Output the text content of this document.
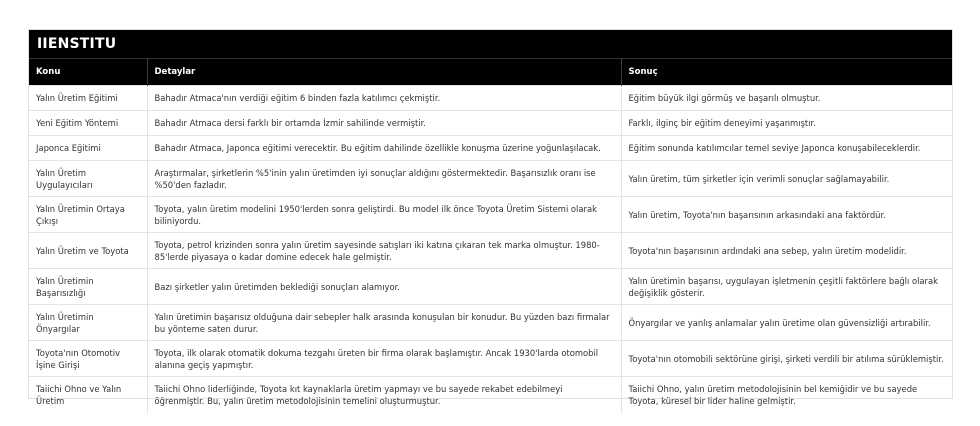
IIENSTITU
Konu	Detaylar	Sonuç
Yalın Üretim Eğitimi	Bahadır Atmaca'nın verdiği eğitim 6 binden fazla katılımcı çekmiştir.	Eğitim büyük ilgi görmüş ve başarılı olmuştur.
Yeni Eğitim Yöntemi	Bahadır Atmaca dersi farklı bir ortamda İzmir sahilinde vermiştir.	Farklı, ilginç bir eğitim deneyimi yaşanmıştır.
Japonca Eğitimi	Bahadır Atmaca, Japonca eğitimi verecektir. Bu eğitim dahilinde özellikle konuşma üzerine yoğunlaşılacak.	Eğitim sonunda katılımcılar temel seviye Japonca konuşabileceklerdir.
Yalın Üretim Uygulayıcıları	Araştırmalar, şirketlerin %5'inin yalın üretimden iyi sonuçlar aldığını göstermektedir. Başarısızlık oranı ise %50'den fazladır.	Yalın üretim, tüm şirketler için verimli sonuçlar sağlamayabilir.
Yalın Üretimin Ortaya Çıkışı	Toyota, yalın üretim modelini 1950'lerden sonra geliştirdi. Bu model ilk önce Toyota Üretim Sistemi olarak biliniyordu.	Yalın üretim, Toyota'nın başarısının arkasındaki ana faktördür.
Yalın Üretim ve Toyota	Toyota, petrol krizinden sonra yalın üretim sayesinde satışları iki katına çıkaran tek marka olmuştur. 1980-85'lerde piyasaya o kadar domine edecek hale gelmiştir.	Toyota'nın başarısının ardındaki ana sebep, yalın üretim modelidir.
Yalın Üretimin Başarısızlığı	Bazı şirketler yalın üretimden beklediği sonuçları alamıyor.	Yalın üretimin başarısı, uygulayan işletmenin çeşitli faktörlere bağlı olarak değişiklik gösterir.
Yalın Üretimin Önyargılar	Yalın üretimin başarısız olduğuna dair sebepler halk arasında konuşulan bir konudur. Bu yüzden bazı firmalar bu yönteme saten durur.	Önyargılar ve yanlış anlamalar yalın üretime olan güvensizliği artırabilir.
Toyota'nın Otomotiv İşine Girişi	Toyota, ilk olarak otomatik dokuma tezgahı üreten bir firma olarak başlamıştır. Ancak 1930'larda otomobil alanına geçiş yapmıştır.	Toyota'nın otomobili sektörüne girişi, şirketi verdili bir atılıma sürüklemiştir.
Taiichi Ohno ve Yalın Üretim	Taiichi Ohno liderliğinde, Toyota kıt kaynaklarla üretim yapmayı ve bu sayede rekabet edebilmeyi öğrenmiştir. Bu, yalın üretim metodolojisinin temelini oluşturmuştur.	Taiichi Ohno, yalın üretim metodolojisinin bel kemiğidir ve bu sayede Toyota, küresel bir lider haline gelmiştir.
